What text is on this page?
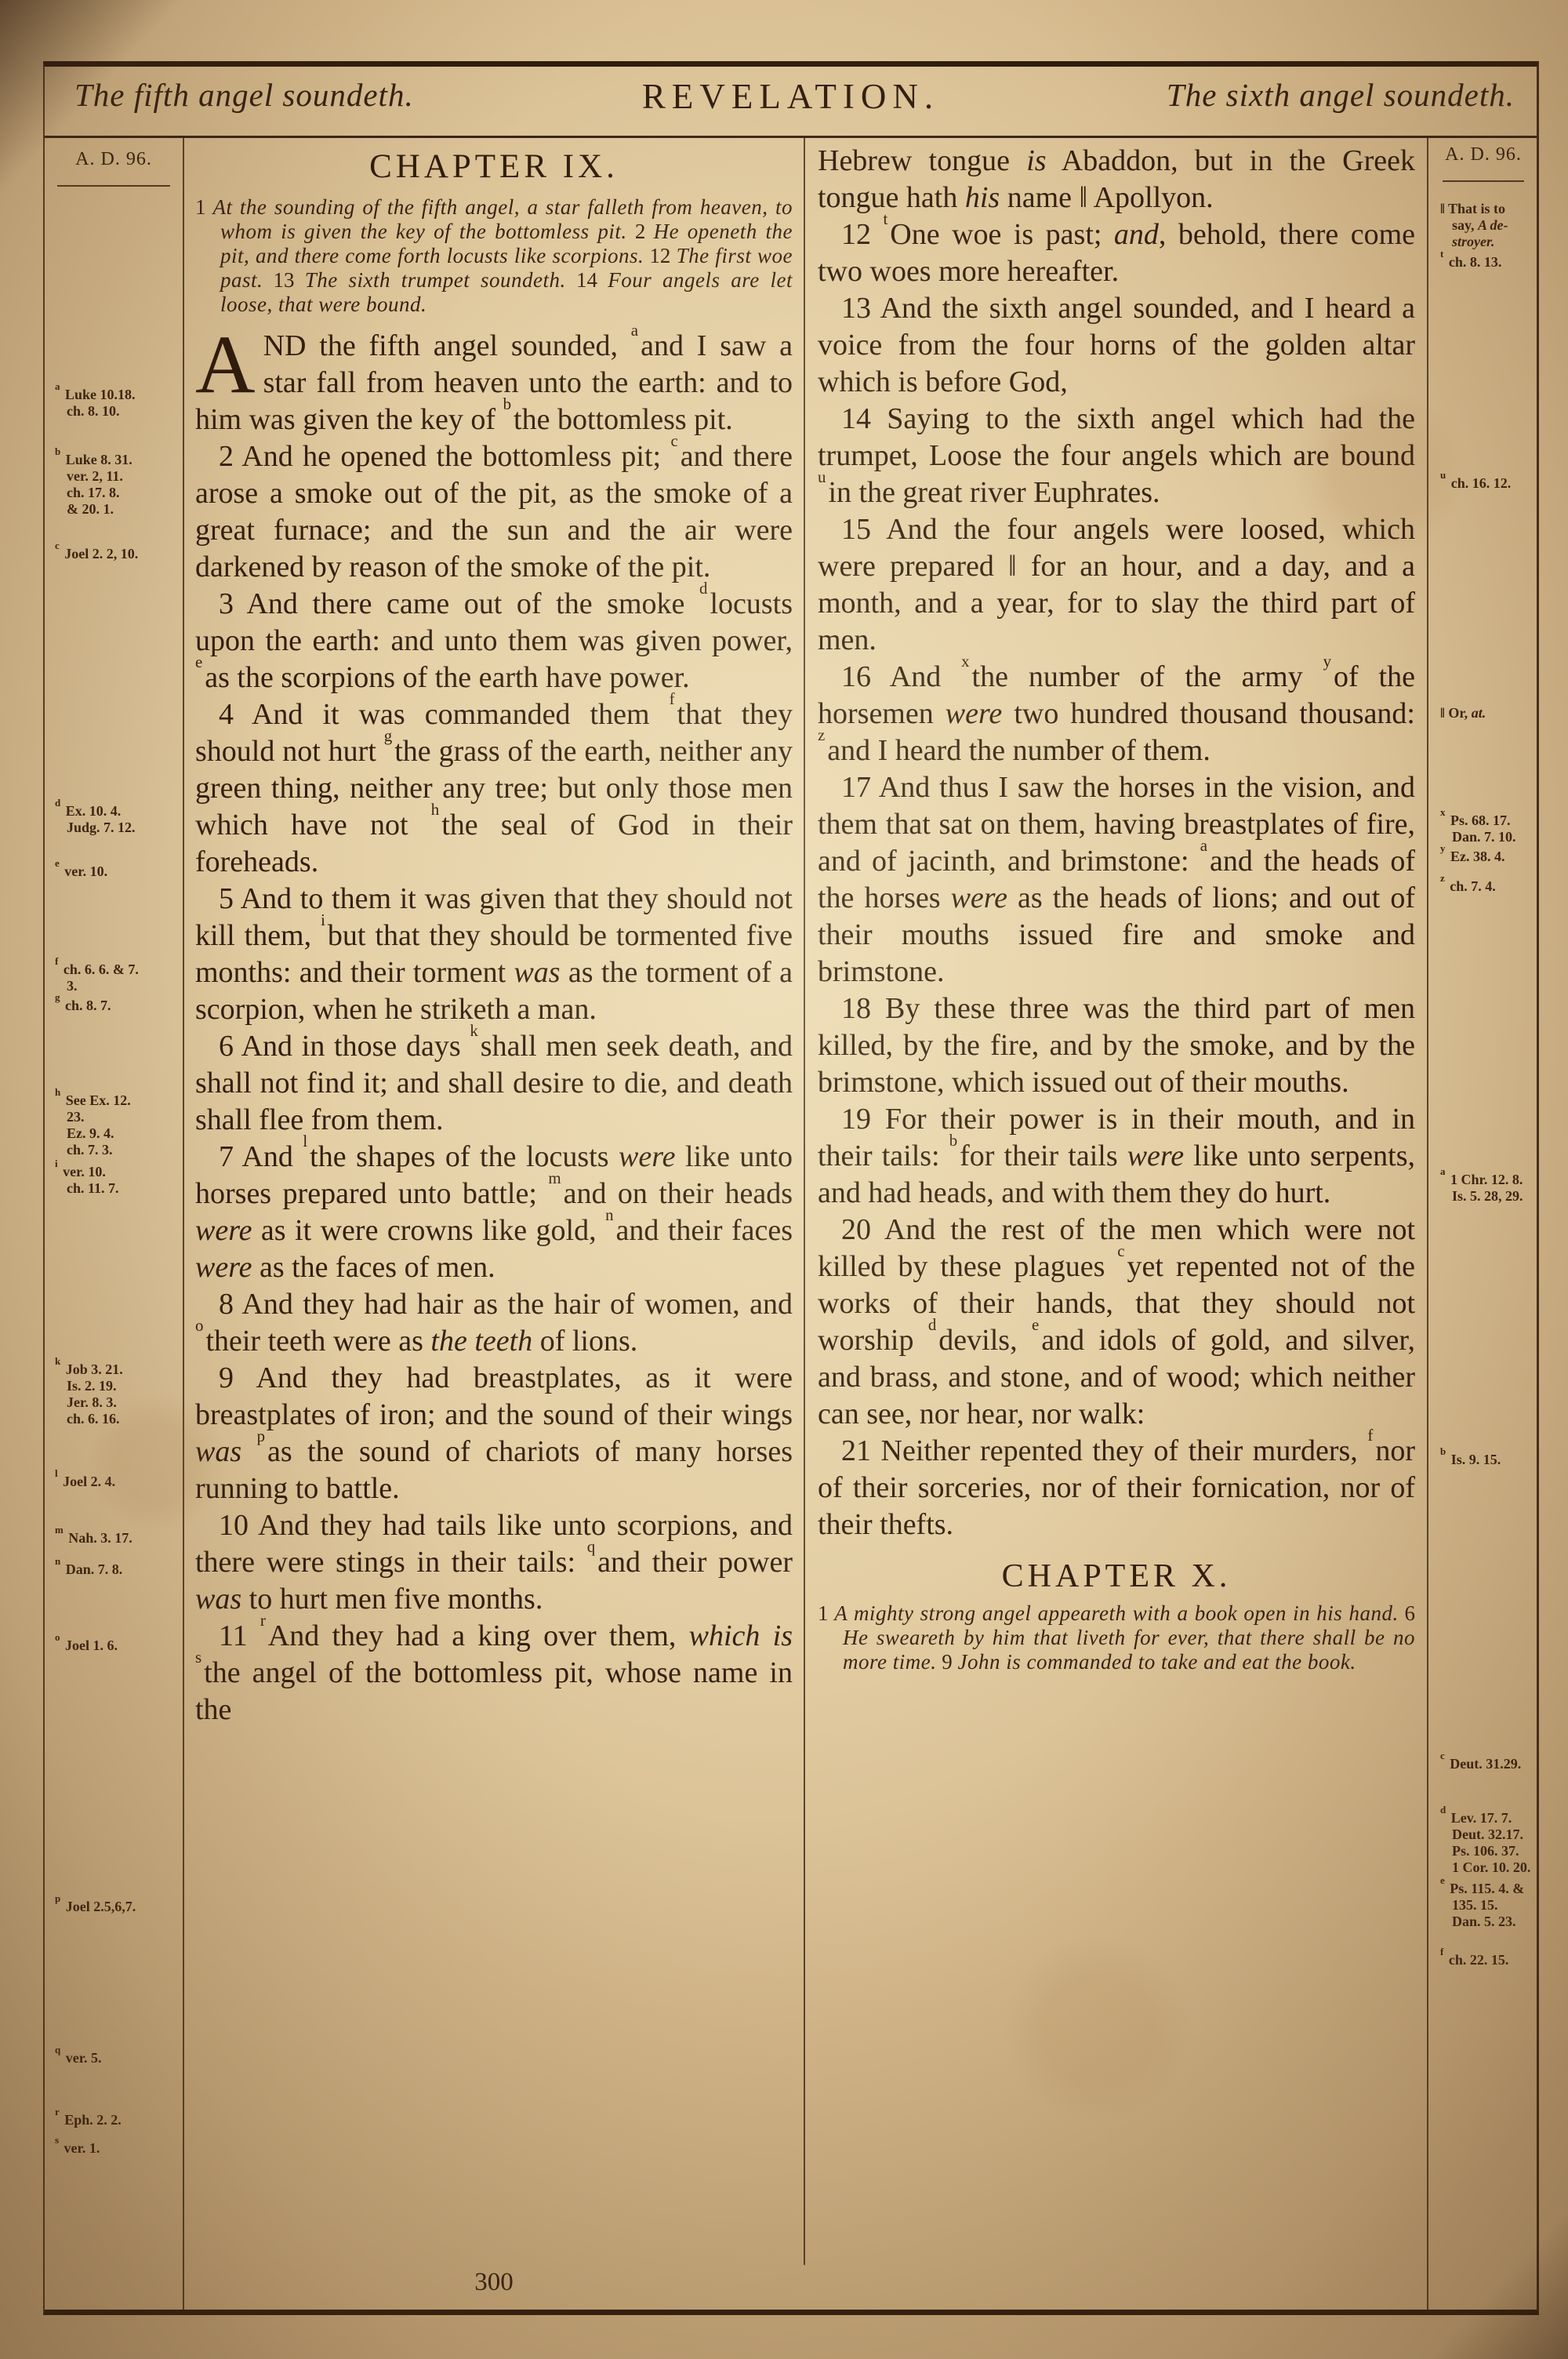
The fifth angel soundeth.	REVELATION.	The sixth angel soundeth.
A. D. 96.
$^a$ Luke 10.18.
ch. 8. 10.
$^b$ Luke 8. 31.
ver. 2, 11.
ch. 17. 8.
& 20. 1.
$^c$ Joel 2. 2, 10.
$^d$ Ex. 10. 4.
Judg. 7. 12.
$^e$ ver. 10.
$^f$ ch. 6. 6. & 7.
3.
$^g$ ch. 8. 7.
$^h$ See Ex. 12.
23.
Ez. 9. 4.
ch. 7. 3.
$^i$ ver. 10.
ch. 11. 7.
$^k$ Job 3. 21.
Is. 2. 19.
Jer. 8. 3.
ch. 6. 16.
$^l$ Joel 2. 4.
$^m$ Nah. 3. 17.
$^n$ Dan. 7. 8.
$^o$ Joel 1. 6.
$^p$ Joel 2.5,6,7.
$^q$ ver. 5.
$^r$ Eph. 2. 2.
$^s$ ver. 1.
CHAPTER IX.

1 At the sounding of the fifth angel, a star falleth from heaven, to whom is given the key of the bottomless pit. 2 He openeth the pit, and there come forth locusts like scorpions. 12 The first woe past. 13 The sixth trumpet soundeth. 14 Four angels are let loose, that were bound.

AND the fifth angel sounded, $^a$and I saw a star fall from heaven unto the earth: and to him was given the key of $^b$the bottomless pit.

2 And he opened the bottomless pit; $^c$and there arose a smoke out of the pit, as the smoke of a great furnace; and the sun and the air were darkened by reason of the smoke of the pit.

3 And there came out of the smoke $^d$locusts upon the earth: and unto them was given power, $^e$as the scorpions of the earth have power.

4 And it was commanded them $^f$that they should not hurt $^g$the grass of the earth, neither any green thing, neither any tree; but only those men which have not $^h$the seal of God in their foreheads.

5 And to them it was given that they should not kill them, $^i$but that they should be tormented five months: and their torment was as the torment of a scorpion, when he striketh a man.

6 And in those days $^k$shall men seek death, and shall not find it; and shall desire to die, and death shall flee from them.

7 And $^l$the shapes of the locusts were like unto horses prepared unto battle; $^m$and on their heads were as it were crowns like gold, $^n$and their faces were as the faces of men.

8 And they had hair as the hair of women, and $^o$their teeth were as the teeth of lions.

9 And they had breastplates, as it were breastplates of iron; and the sound of their wings was $^p$as the sound of chariots of many horses running to battle.

10 And they had tails like unto scorpions, and there were stings in their tails: $^q$and their power was to hurt men five months.

11 $^r$And they had a king over them, which is $^s$the angel of the bottomless pit, whose name in the

Hebrew tongue is Abaddon, but in the Greek tongue hath his name ‖ Apollyon.

12 $^t$One woe is past; and, behold, there come two woes more hereafter.

13 And the sixth angel sounded, and I heard a voice from the four horns of the golden altar which is before God,

14 Saying to the sixth angel which had the trumpet, Loose the four angels which are bound $^u$in the great river Euphrates.

15 And the four angels were loosed, which were prepared ‖ for an hour, and a day, and a month, and a year, for to slay the third part of men.

16 And $^x$the number of the army $^y$of the horsemen were two hundred thousand thousand: $^z$and I heard the number of them.

17 And thus I saw the horses in the vision, and them that sat on them, having breastplates of fire, and of jacinth, and brimstone: $^a$and the heads of the horses were as the heads of lions; and out of their mouths issued fire and smoke and brimstone.

18 By these three was the third part of men killed, by the fire, and by the smoke, and by the brimstone, which issued out of their mouths.

19 For their power is in their mouth, and in their tails: $^b$for their tails were like unto serpents, and had heads, and with them they do hurt.

20 And the rest of the men which were not killed by these plagues $^c$yet repented not of the works of their hands, that they should not worship $^d$devils, $^e$and idols of gold, and silver, and brass, and stone, and of wood; which neither can see, nor hear, nor walk:

21 Neither repented they of their murders, $^f$nor of their sorceries, nor of their fornication, nor of their thefts.

CHAPTER X.

1 A mighty strong angel appeareth with a book open in his hand. 6 He sweareth by him that liveth for ever, that there shall be no more time. 9 John is commanded to take and eat the book.

A. D. 96.
‖ That is to
say, A de-
stroyer.
$^t$ ch. 8. 13.
$^u$ ch. 16. 12.
‖ Or, at.
$^x$ Ps. 68. 17.
Dan. 7. 10.
$^y$ Ez. 38. 4.
$^z$ ch. 7. 4.
$^a$ 1 Chr. 12. 8.
Is. 5. 28, 29.
$^b$ Is. 9. 15.
$^c$ Deut. 31.29.
$^d$ Lev. 17. 7.
Deut. 32.17.
Ps. 106. 37.
1 Cor. 10. 20.
$^e$ Ps. 115. 4. &
135. 15.
Dan. 5. 23.
$^f$ ch. 22. 15.
300
